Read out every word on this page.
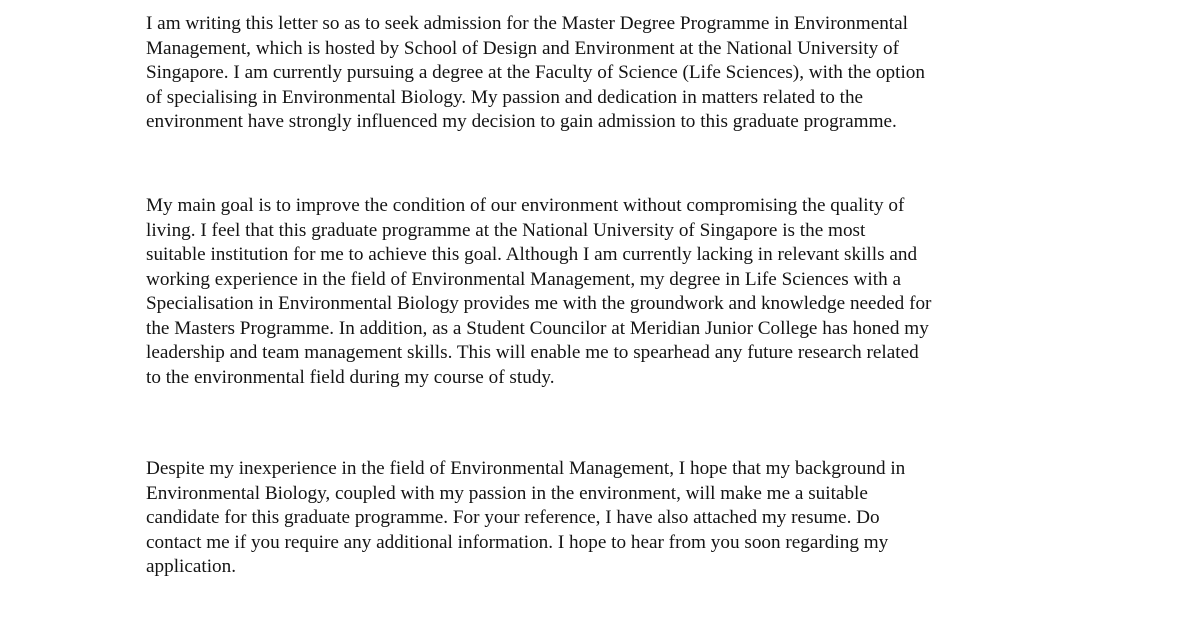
I am writing this letter so as to seek admission for the Master Degree Programme in Environmental
Management, which is hosted by School of Design and Environment at the National University of
Singapore. I am currently pursuing a degree at the Faculty of Science (Life Sciences), with the option
of specialising in Environmental Biology. My passion and dedication in matters related to the
environment have strongly influenced my decision to gain admission to this graduate programme.

My main goal is to improve the condition of our environment without compromising the quality of
living. I feel that this graduate programme at the National University of Singapore is the most
suitable institution for me to achieve this goal. Although I am currently lacking in relevant skills and
working experience in the field of Environmental Management, my degree in Life Sciences with a
Specialisation in Environmental Biology provides me with the groundwork and knowledge needed for
the Masters Programme. In addition, as a Student Councilor at Meridian Junior College has honed my
leadership and team management skills. This will enable me to spearhead any future research related
to the environmental field during my course of study.

Despite my inexperience in the field of Environmental Management, I hope that my background in
Environmental Biology, coupled with my passion in the environment, will make me a suitable
candidate for this graduate programme. For your reference, I have also attached my resume. Do
contact me if you require any additional information. I hope to hear from you soon regarding my
application.
